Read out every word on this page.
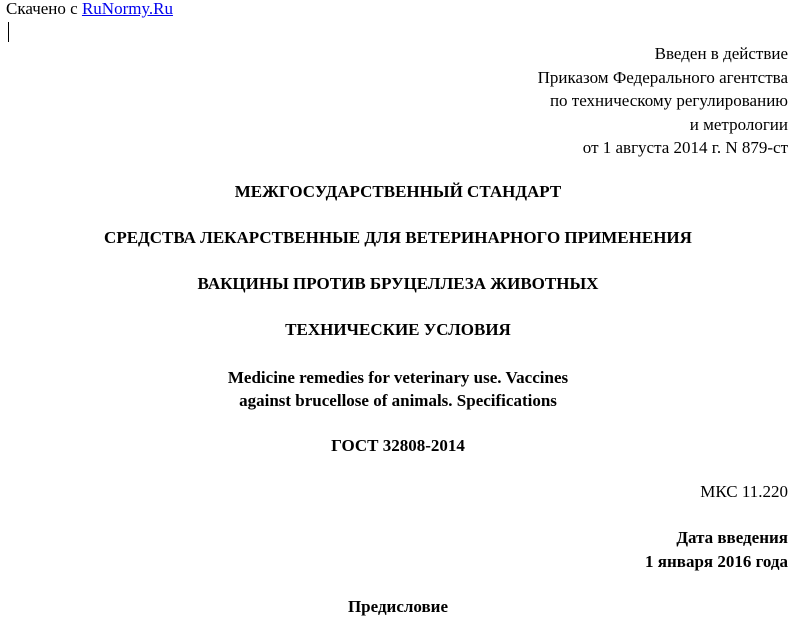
Скачено с RuNormy.Ru
Введен в действие
Приказом Федерального агентства
по техническому регулированию
и метрологии
от 1 августа 2014 г. N 879-ст
МЕЖГОСУДАРСТВЕННЫЙ СТАНДАРТ
СРЕДСТВА ЛЕКАРСТВЕННЫЕ ДЛЯ ВЕТЕРИНАРНОГО ПРИМЕНЕНИЯ
ВАКЦИНЫ ПРОТИВ БРУЦЕЛЛЕЗА ЖИВОТНЫХ
ТЕХНИЧЕСКИЕ УСЛОВИЯ
Medicine remedies for veterinary use. Vaccines
against brucellose of animals. Specifications
ГОСТ 32808-2014
МКС 11.220
Дата введения
1 января 2016 года
Предисловие
